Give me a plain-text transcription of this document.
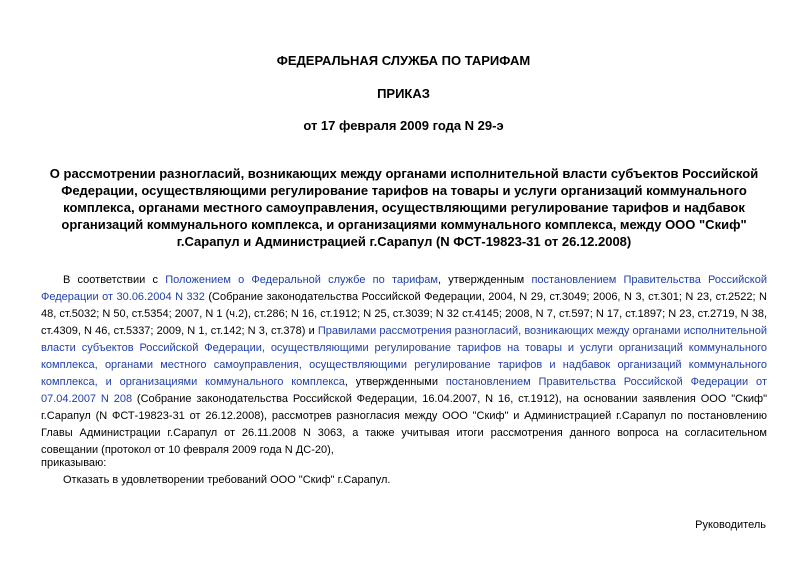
ФЕДЕРАЛЬНАЯ СЛУЖБА ПО ТАРИФАМ
ПРИКАЗ
от 17 февраля 2009 года N 29-э
О рассмотрении разногласий, возникающих между органами исполнительной власти субъектов Российской Федерации, осуществляющими регулирование тарифов на товары и услуги организаций коммунального комплекса, органами местного самоуправления, осуществляющими регулирование тарифов и надбавок организаций коммунального комплекса, и организациями коммунального комплекса, между ООО "Скиф" г.Сарапул и Администрацией г.Сарапул (N ФСТ-19823-31 от 26.12.2008)
В соответствии с Положением о Федеральной службе по тарифам, утвержденным постановлением Правительства Российской Федерации от 30.06.2004 N 332 (Собрание законодательства Российской Федерации, 2004, N 29, ст.3049; 2006, N 3, ст.301; N 23, ст.2522; N 48, ст.5032; N 50, ст.5354; 2007, N 1 (ч.2), ст.286; N 16, ст.1912; N 25, ст.3039; N 32 ст.4145; 2008, N 7, ст.597; N 17, ст.1897; N 23, ст.2719, N 38, ст.4309, N 46, ст.5337; 2009, N 1, ст.142; N 3, ст.378) и Правилами рассмотрения разногласий, возникающих между органами исполнительной власти субъектов Российской Федерации, осуществляющими регулирование тарифов на товары и услуги организаций коммунального комплекса, органами местного самоуправления, осуществляющими регулирование тарифов и надбавок организаций коммунального комплекса, и организациями коммунального комплекса, утвержденными постановлением Правительства Российской Федерации от 07.04.2007 N 208 (Собрание законодательства Российской Федерации, 16.04.2007, N 16, ст.1912), на основании заявления ООО "Скиф" г.Сарапул (N ФСТ-19823-31 от 26.12.2008), рассмотрев разногласия между ООО "Скиф" и Администрацией г.Сарапул по постановлению Главы Администрации г.Сарапул от 26.11.2008 N 3063, а также учитывая итоги рассмотрения данного вопроса на согласительном совещании (протокол от 10 февраля 2009 года N ДС-20),
приказываю:
Отказать в удовлетворении требований ООО "Скиф" г.Сарапул.
Руководитель
